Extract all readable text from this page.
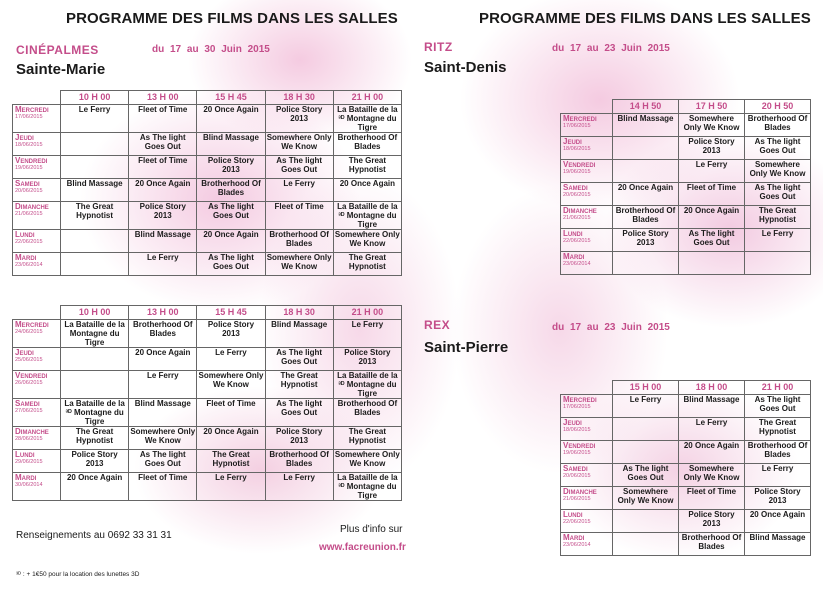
PROGRAMME DES FILMS DANS LES SALLES
CINÉPALMES	du 17 au 30 Juin 2015
Sainte-Marie
	10 H 00	13 H 00	15 H 45	18 H 30	21 H 00

Mercredi
17/06/2015	Le Ferry	Fleet of Time	20 Once Again	Police Story 2013	La Bataille de la ³ᴰ Montagne du Tigre

Jeudi
18/06/2015		As The light Goes Out	Blind Massage	Somewhere Only We Know	Brotherhood Of Blades

Vendredi
19/06/2015		Fleet of Time	Police Story 2013	As The light Goes Out	The Great Hypnotist

Samedi
20/06/2015	Blind Massage	20 Once Again	Brotherhood Of Blades	Le Ferry	20 Once Again

Dimanche
21/06/2015	The Great Hypnotist	Police Story 2013	As The light Goes Out	Fleet of Time	La Bataille de la ³ᴰ Montagne du Tigre

Lundi
22/06/2015		Blind Massage	20 Once Again	Brotherhood Of Blades	Somewhere Only We Know

Mardi
23/06/2014		Le Ferry	As The light Goes Out	Somewhere Only We Know	The Great Hypnotist
	10 H 00	13 H 00	15 H 45	18 H 30	21 H 00

Mercredi
24/06/2015	La Bataille de la Montagne du Tigre	Brotherhood Of Blades	Police Story 2013	Blind Massage	Le Ferry

Jeudi
25/06/2015		20 Once Again	Le Ferry	As The light Goes Out	Police Story 2013

Vendredi
26/06/2015		Le Ferry	Somewhere Only We Know	The Great Hypnotist	La Bataille de la ³ᴰ Montagne du Tigre

Samedi
27/06/2015	La Bataille de la ³ᴰ Montagne du Tigre	Blind Massage	Fleet of Time	As The light Goes Out	Brotherhood Of Blades

Dimanche
28/06/2015	The Great Hypnotist	Somewhere Only We Know	20 Once Again	Police Story 2013	The Great Hypnotist

Lundi
29/06/2015	Police Story 2013	As The light Goes Out	The Great Hypnotist	Brotherhood Of Blades	Somewhere Only We Know

Mardi
30/06/2014	20 Once Again	Fleet of Time	Le Ferry	Le Ferry	La Bataille de la ³ᴰ Montagne du Tigre
Renseignements au 0692 33 31 31
Plus d'info sur
www.facreunion.fr
³ᴰ : + 1€50 pour la location des lunettes 3D
PROGRAMME DES FILMS DANS LES SALLES
RITZ	du 17 au 23 Juin 2015
Saint-Denis
	14 H 50	17 H 50	20 H 50

Mercredi
17/06/2015	Blind Massage	Somewhere Only We Know	Brotherhood Of Blades

Jeudi
18/06/2015		Police Story 2013	As The light Goes Out

Vendredi
19/06/2015		Le Ferry	Somewhere Only We Know

Samedi
20/06/2015	20 Once Again	Fleet of Time	As The light Goes Out

Dimanche
21/06/2015	Brotherhood Of Blades	20 Once Again	The Great Hypnotist

Lundi
22/06/2015	Police Story 2013	As The light Goes Out	Le Ferry

Mardi
23/06/2014			

REX	du 17 au 23 Juin 2015
Saint-Pierre
	15 H 00	18 H 00	21 H 00

Mercredi
17/06/2015	Le Ferry	Blind Massage	As The light Goes Out

Jeudi
18/06/2015		Le Ferry	The Great Hypnotist

Vendredi
19/06/2015		20 Once Again	Brotherhood Of Blades

Samedi
20/06/2015	As The light Goes Out	Somewhere Only We Know	Le Ferry

Dimanche
21/06/2015	Somewhere Only We Know	Fleet of Time	Police Story 2013

Lundi
22/06/2015		Police Story 2013	20 Once Again

Mardi
23/06/2014		Brotherhood Of Blades	Blind Massage
